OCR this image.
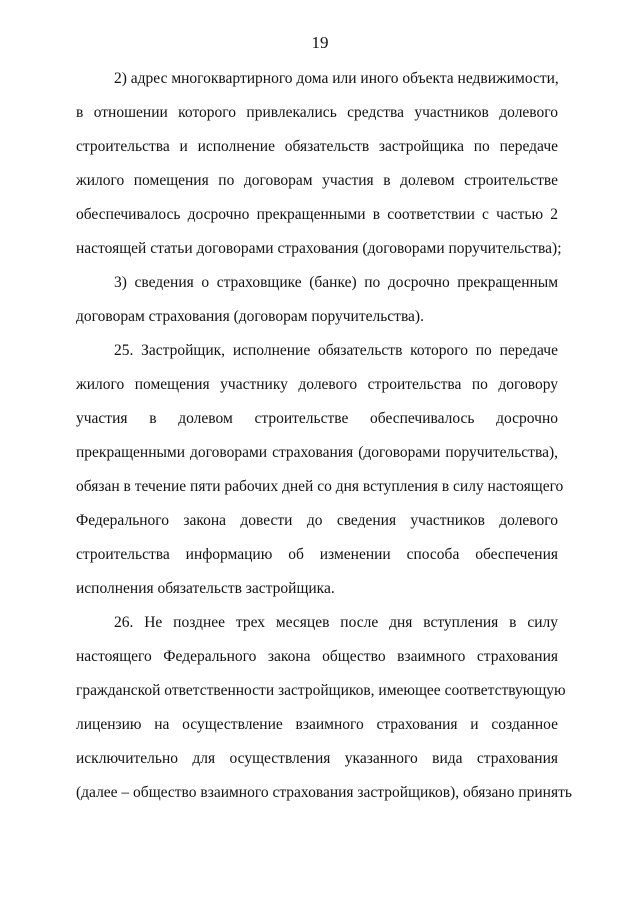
19
2) адрес многоквартирного дома или иного объекта недвижимости,
в отношении которого привлекались средства участников долевого
строительства и исполнение обязательств застройщика по передаче
жилого помещения по договорам участия в долевом строительстве
обеспечивалось досрочно прекращенными в соответствии с частью 2
настоящей статьи договорами страхования (договорами поручительства);
3) сведения о страховщике (банке) по досрочно прекращенным
договорам страхования (договорам поручительства).
25. Застройщик, исполнение обязательств которого по передаче
жилого помещения участнику долевого строительства по договору
участия в долевом строительстве обеспечивалось досрочно
прекращенными договорами страхования (договорами поручительства),
обязан в течение пяти рабочих дней со дня вступления в силу настоящего
Федерального закона довести до сведения участников долевого
строительства информацию об изменении способа обеспечения
исполнения обязательств застройщика.
26. Не позднее трех месяцев после дня вступления в силу
настоящего Федерального закона общество взаимного страхования
гражданской ответственности застройщиков, имеющее соответствующую
лицензию на осуществление взаимного страхования и созданное
исключительно для осуществления указанного вида страхования
(далее – общество взаимного страхования застройщиков), обязано принять
